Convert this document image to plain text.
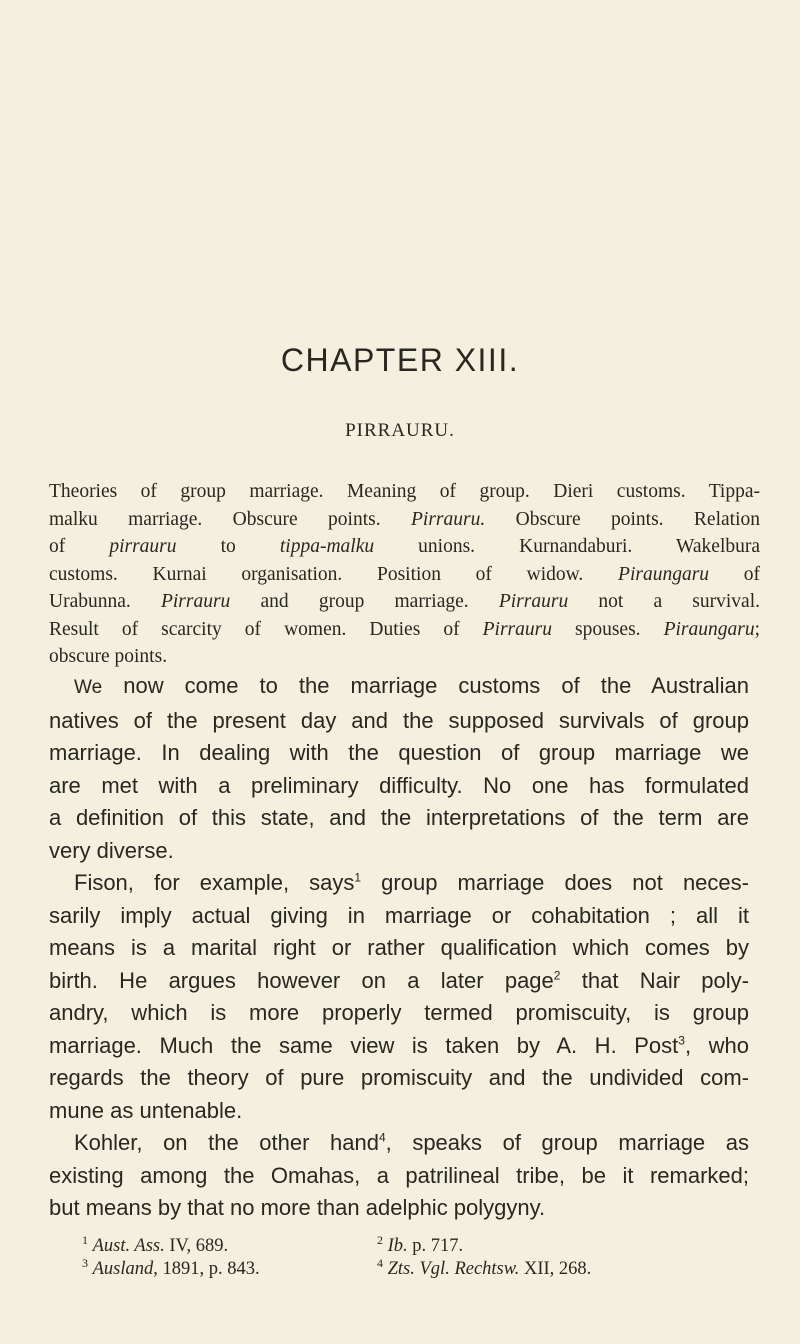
CHAPTER XIII.
PIRRAURU.
Theories of group marriage. Meaning of group. Dieri customs. Tippa-
malku marriage. Obscure points. Pirrauru. Obscure points. Relation
of pirrauru to tippa-malku unions. Kurnandaburi. Wakelbura
customs. Kurnai organisation. Position of widow. Piraungaru of
Urabunna. Pirrauru and group marriage. Pirrauru not a survival.
Result of scarcity of women. Duties of Pirrauru spouses. Piraungaru;
obscure points.
We now come to the marriage customs of the Australian
natives of the present day and the supposed survivals of group
marriage. In dealing with the question of group marriage we
are met with a preliminary difficulty. No one has formulated
a definition of this state, and the interpretations of the term are
very diverse.
Fison, for example, says$^1$ group marriage does not neces-
sarily imply actual giving in marriage or cohabitation ; all it
means is a marital right or rather qualification which comes by
birth. He argues however on a later page$^2$ that Nair poly-
andry, which is more properly termed promiscuity, is group
marriage. Much the same view is taken by A. H. Post$^3$, who
regards the theory of pure promiscuity and the undivided com-
mune as untenable.
Kohler, on the other hand$^4$, speaks of group marriage as
existing among the Omahas, a patrilineal tribe, be it remarked;
but means by that no more than adelphic polygyny.
$^1$ Aust. Ass. IV, 689.	$^2$ Ib. p. 717.
$^3$ Ausland, 1891, p. 843.	$^4$ Zts. Vgl. Rechtsw. XII, 268.
